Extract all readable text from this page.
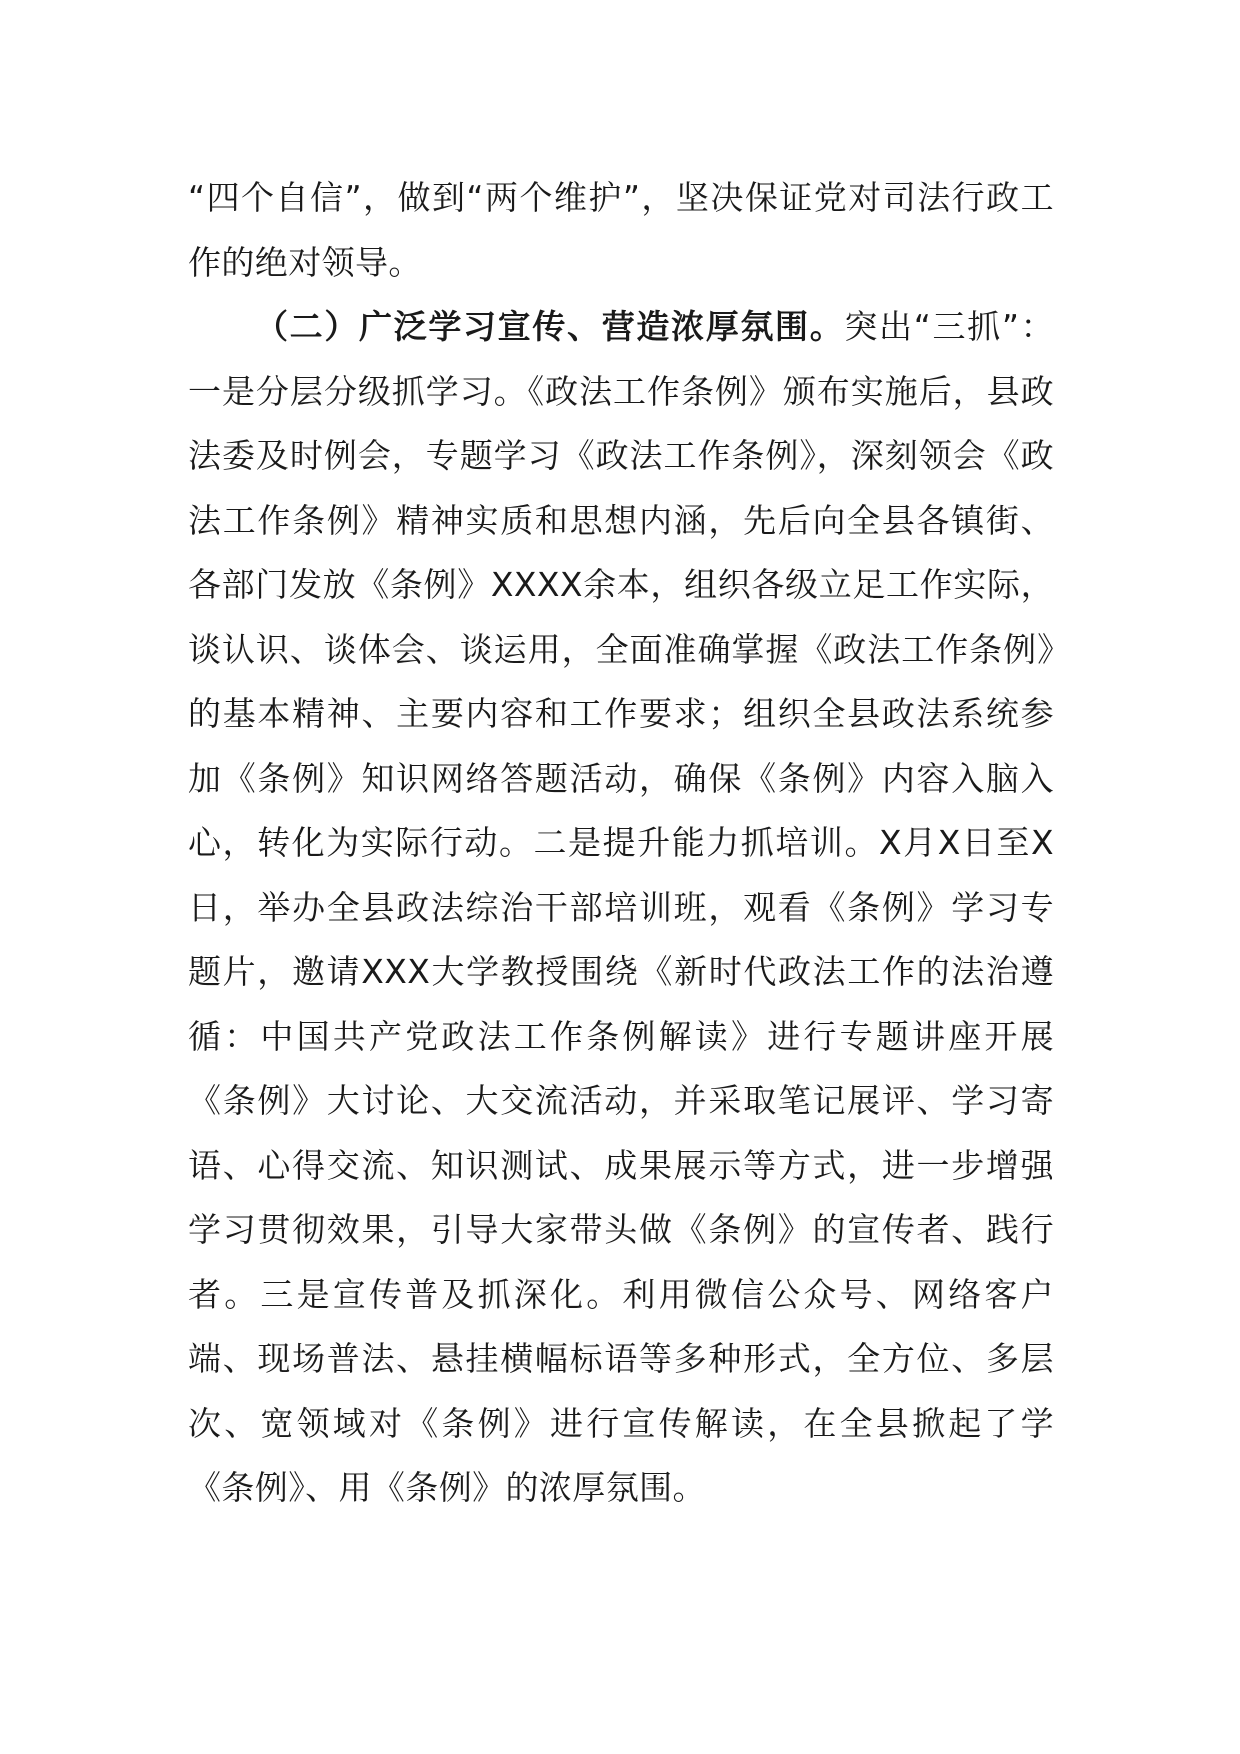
“四个自信”，做到“两个维护”，坚决保证党对司法行政工作的绝对领导。

（二）广泛学习宣传、营造浓厚氛围。突出“三抓”：一是分层分级抓学习。《政法工作条例》颁布实施后，县政法委及时例会，专题学习《政法工作条例》，深刻领会《政法工作条例》精神实质和思想内涵，先后向全县各镇街、各部门发放《条例》XXXX余本，组织各级立足工作实际，谈认识、谈体会、谈运用，全面准确掌握《政法工作条例》的基本精神、主要内容和工作要求；组织全县政法系统参加《条例》知识网络答题活动，确保《条例》内容入脑入心，转化为实际行动。二是提升能力抓培训。X月X日至X日，举办全县政法综治干部培训班，观看《条例》学习专题片，邀请XXX大学教授围绕《新时代政法工作的法治遵循：中国共产党政法工作条例解读》进行专题讲座开展《条例》大讨论、大交流活动，并采取笔记展评、学习寄语、心得交流、知识测试、成果展示等方式，进一步增强学习贯彻效果，引导大家带头做《条例》的宣传者、践行者。三是宣传普及抓深化。利用微信公众号、网络客户端、现场普法、悬挂横幅标语等多种形式，全方位、多层次、宽领域对《条例》进行宣传解读，在全县掀起了学《条例》、用《条例》的浓厚氛围。
